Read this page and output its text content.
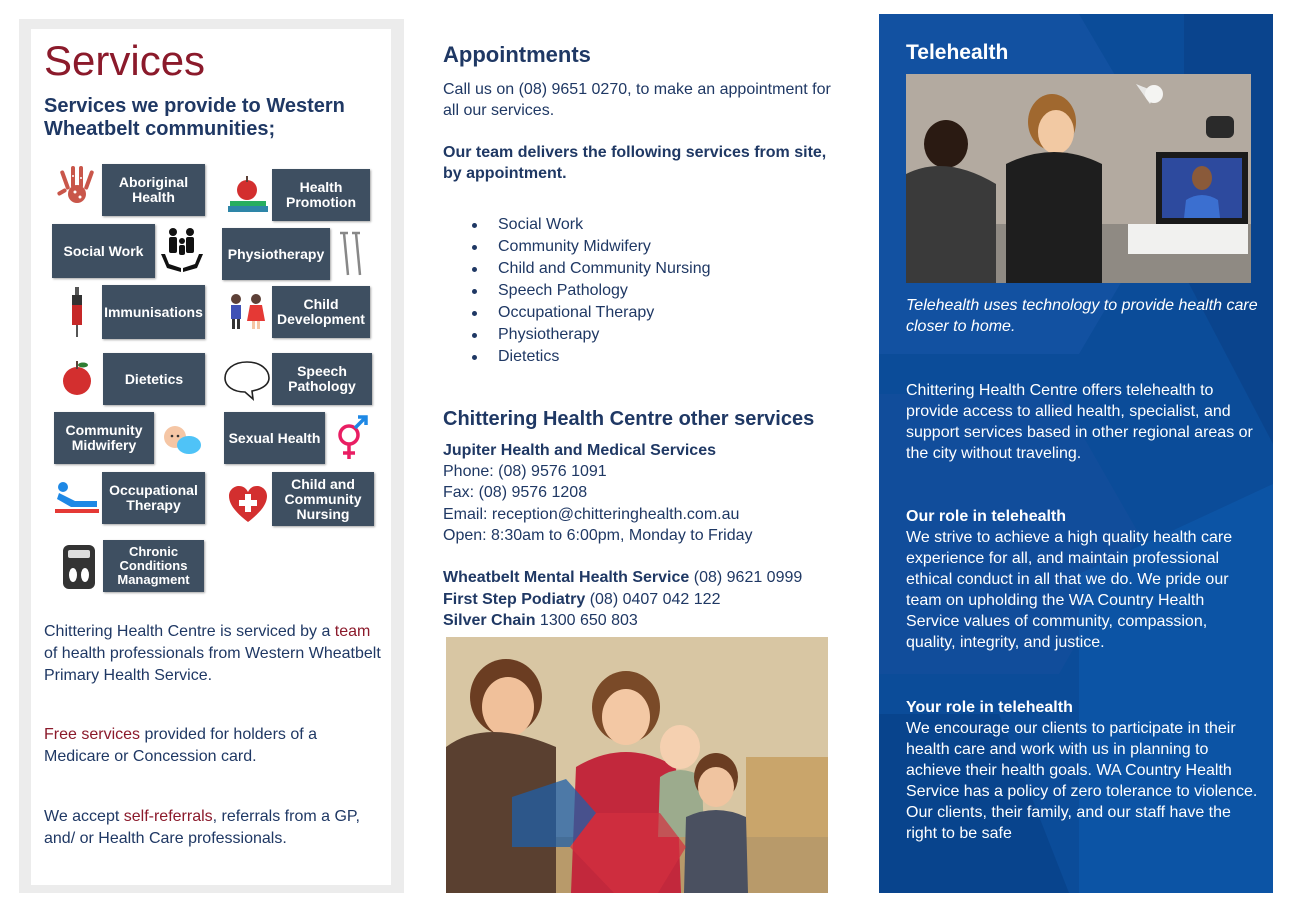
Services
Services we provide to Western Wheatbelt communities;
Aboriginal Health
Health Promotion
Social Work	Physiotherapy
Immunisations	Child Development
Dietetics	Speech Pathology
Community Midwifery	Sexual Health
Occupational Therapy
Child and Community Nursing
Chronic Conditions Managment

Chittering Health Centre is serviced by a team of health professionals from Western Wheatbelt Primary Health Service.

Free services provided for holders of a Medicare or Concession card.

We accept self-referrals, referrals from a GP, and/ or Health Care professionals.

Appointments
Call us on (08) 9651 0270, to make an appointment for all our services.
Our team delivers the following services from site, by appointment.
Social Work
Community Midwifery
Child and Community Nursing
Speech Pathology
Occupational Therapy
Physiotherapy
Dietetics
Chittering Health Centre other services
Jupiter Health and Medical Services
Phone: (08) 9576 1091
Fax: (08) 9576 1208
Email: reception@chitteringhealth.com.au
Open: 8:30am to 6:00pm, Monday to Friday
Wheatbelt Mental Health Service (08) 9621 0999
First Step Podiatry (08) 0407 042 122
Silver Chain 1300 650 803
Telehealth
Telehealth uses technology to provide health care closer to home.
Chittering Health Centre offers telehealth to provide access to allied health, specialist, and support services based in other regional areas or the city without traveling.
Our role in telehealth
We strive to achieve a high quality health care experience for all, and maintain professional ethical conduct in all that we do. We pride our team on upholding the WA Country Health Service values of community, compassion, quality, integrity, and justice.
Your role in telehealth
We encourage our clients to participate in their health care and work with us in planning to achieve their health goals. WA Country Health Service has a policy of zero tolerance to violence. Our clients, their family, and our staff have the right to be safe
